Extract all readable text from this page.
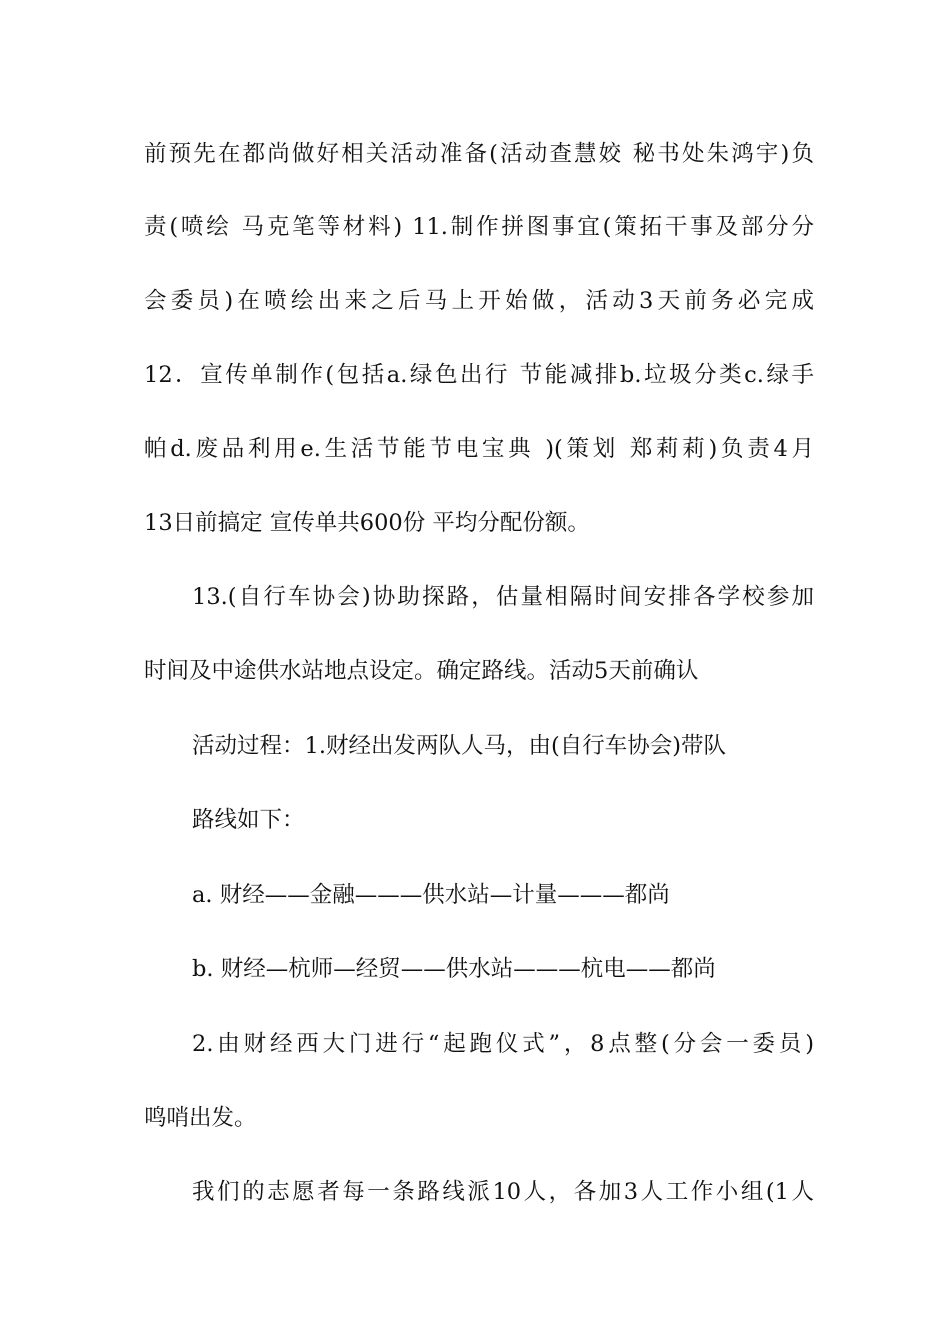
前预先在都尚做好相关活动准备(活动查慧姣 秘书处朱鸿宇)负
责(喷绘 马克笔等材料) 11.制作拼图事宜(策拓干事及部分分
会委员)在喷绘出来之后马上开始做，活动3天前务必完成
12．宣传单制作(包括a.绿色出行 节能减排b.垃圾分类c.绿手
帕d.废品利用e.生活节能节电宝典 )(策划 郑莉莉)负责4月
13日前搞定 宣传单共600份 平均分配份额。
13.(自行车协会)协助探路，估量相隔时间安排各学校参加
时间及中途供水站地点设定。确定路线。活动5天前确认
活动过程：1.财经出发两队人马，由(自行车协会)带队
路线如下：
a. 财经——金融———供水站—计量———都尚
b. 财经—杭师—经贸——供水站———杭电——都尚
2.由财经西大门进行“起跑仪式”，8点整(分会一委员)
鸣哨出发。
我们的志愿者每一条路线派10人，各加3人工作小组(1人
